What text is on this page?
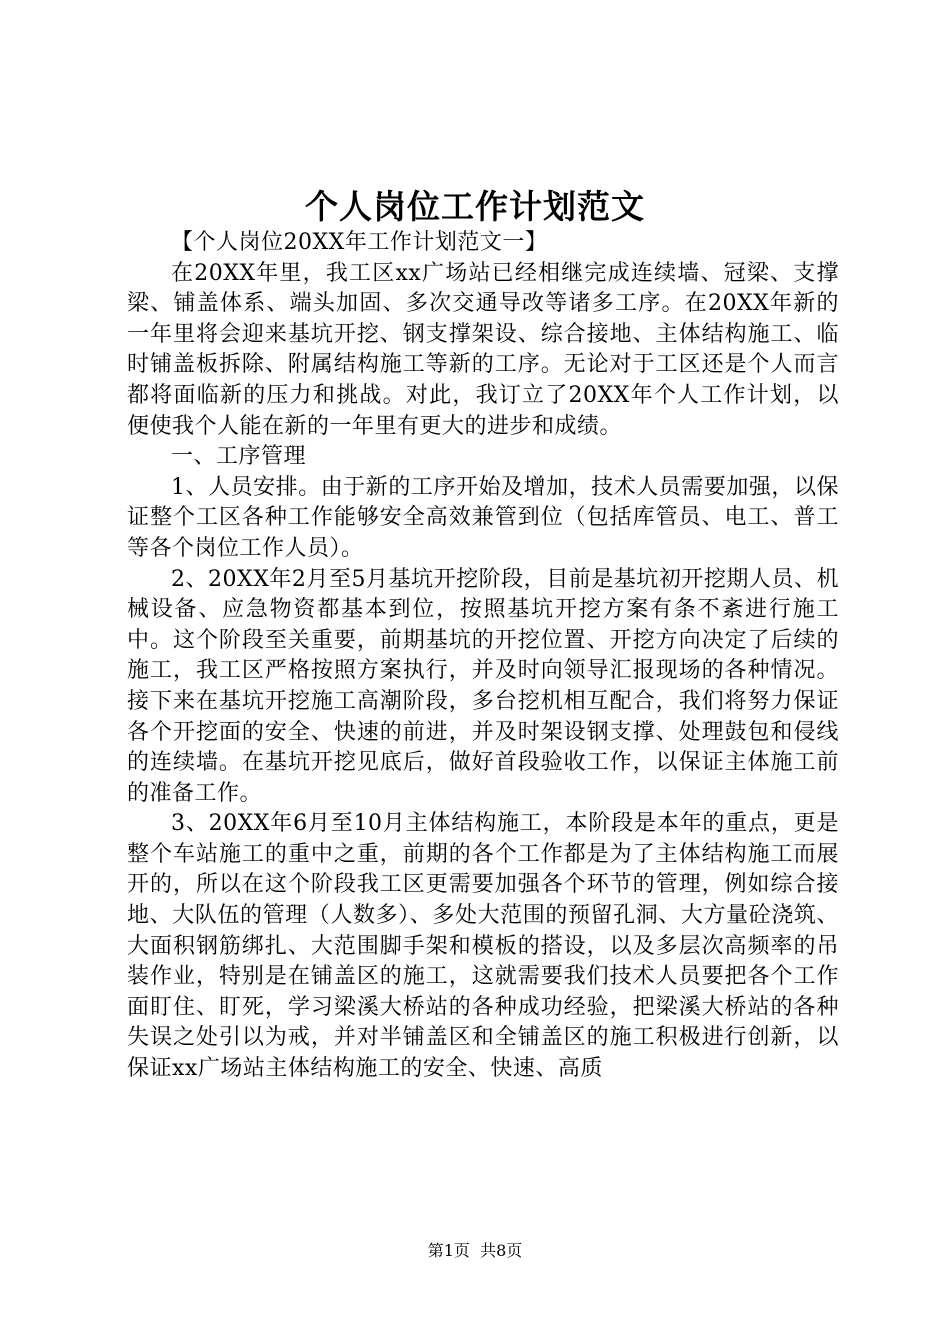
个人岗位工作计划范文

【个人岗位20XX年工作计划范文一】

在20XX年里，我工区xx广场站已经相继完成连续墙、冠梁、支撑梁、铺盖体系、端头加固、多次交通导改等诸多工序。在20XX年新的一年里将会迎来基坑开挖、钢支撑架设、综合接地、主体结构施工、临时铺盖板拆除、附属结构施工等新的工序。无论对于工区还是个人而言都将面临新的压力和挑战。对此，我订立了20XX年个人工作计划，以便使我个人能在新的一年里有更大的进步和成绩。

一、工序管理

1、人员安排。由于新的工序开始及增加，技术人员需要加强，以保证整个工区各种工作能够安全高效兼管到位（包括库管员、电工、普工等各个岗位工作人员）。

2、20XX年2月至5月基坑开挖阶段，目前是基坑初开挖期人员、机械设备、应急物资都基本到位，按照基坑开挖方案有条不紊进行施工中。这个阶段至关重要，前期基坑的开挖位置、开挖方向决定了后续的施工，我工区严格按照方案执行，并及时向领导汇报现场的各种情况。接下来在基坑开挖施工高潮阶段，多台挖机相互配合，我们将努力保证各个开挖面的安全、快速的前进，并及时架设钢支撑、处理鼓包和侵线的连续墙。在基坑开挖见底后，做好首段验收工作，以保证主体施工前的准备工作。

3、20XX年6月至10月主体结构施工，本阶段是本年的重点，更是整个车站施工的重中之重，前期的各个工作都是为了主体结构施工而展开的，所以在这个阶段我工区更需要加强各个环节的管理，例如综合接地、大队伍的管理（人数多）、多处大范围的预留孔洞、大方量砼浇筑、大面积钢筋绑扎、大范围脚手架和模板的搭设，以及多层次高频率的吊装作业，特别是在铺盖区的施工，这就需要我们技术人员要把各个工作面盯住、盯死，学习梁溪大桥站的各种成功经验，把梁溪大桥站的各种失误之处引以为戒，并对半铺盖区和全铺盖区的施工积极进行创新，以保证xx广场站主体结构施工的安全、快速、高质

第1页 共8页
